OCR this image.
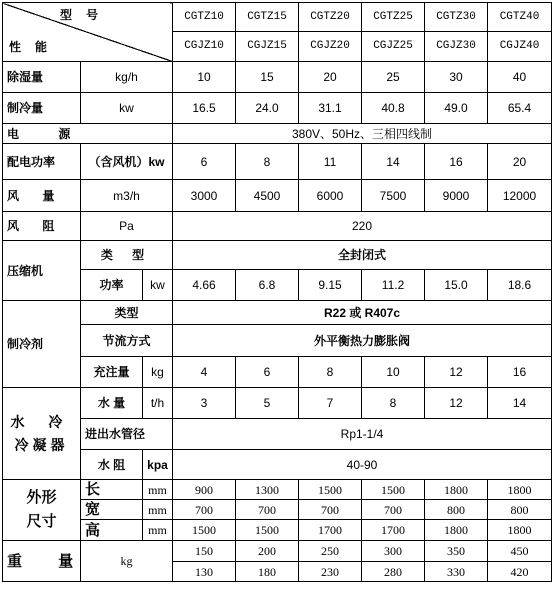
型号
性能			CGTZ10	CGTZ15	CGTZ20	CGTZ25	CGTZ30	CGTZ40
			CGJZ10	CGJZ15	CGJZ20	CGJZ25	CGJZ30	CGJZ40
除湿量	kg/h		10	15	20	25	30	40
制冷量	kw		16.5	24.0	31.1	40.8	49.0	65.4
电 源			380V、50Hz、三相四线制					
配电功率	（含风机）kw		6	8	11	14	16	20
风 量	m3/h		3000	4500	6000	7500	9000	12000
风 阻	Pa		220					
压缩机	类 型		全封闭式					
	功率	kw	4.66	6.8	9.15	11.2	15.0	18.6
制冷剂	类型		R22 或 R407c					
	节流方式		外平衡热力膨胀阀					
	充注量	kg	4	6	8	10	12	16
水 冷
冷凝器	水 量	t/h	3	5	7	8	12	14
	进出水管径		Rp1-1/4					
	水 阻	kpa	40-90					
外形
尺寸	长	mm	900	1300	1500	1500	1800	1800
	宽	mm	700	700	700	700	800	800
	高	mm	1500	1500	1700	1700	1800	1800
重 量	kg		150	200	250	300	350	450
			130	180	230	280	330	420
